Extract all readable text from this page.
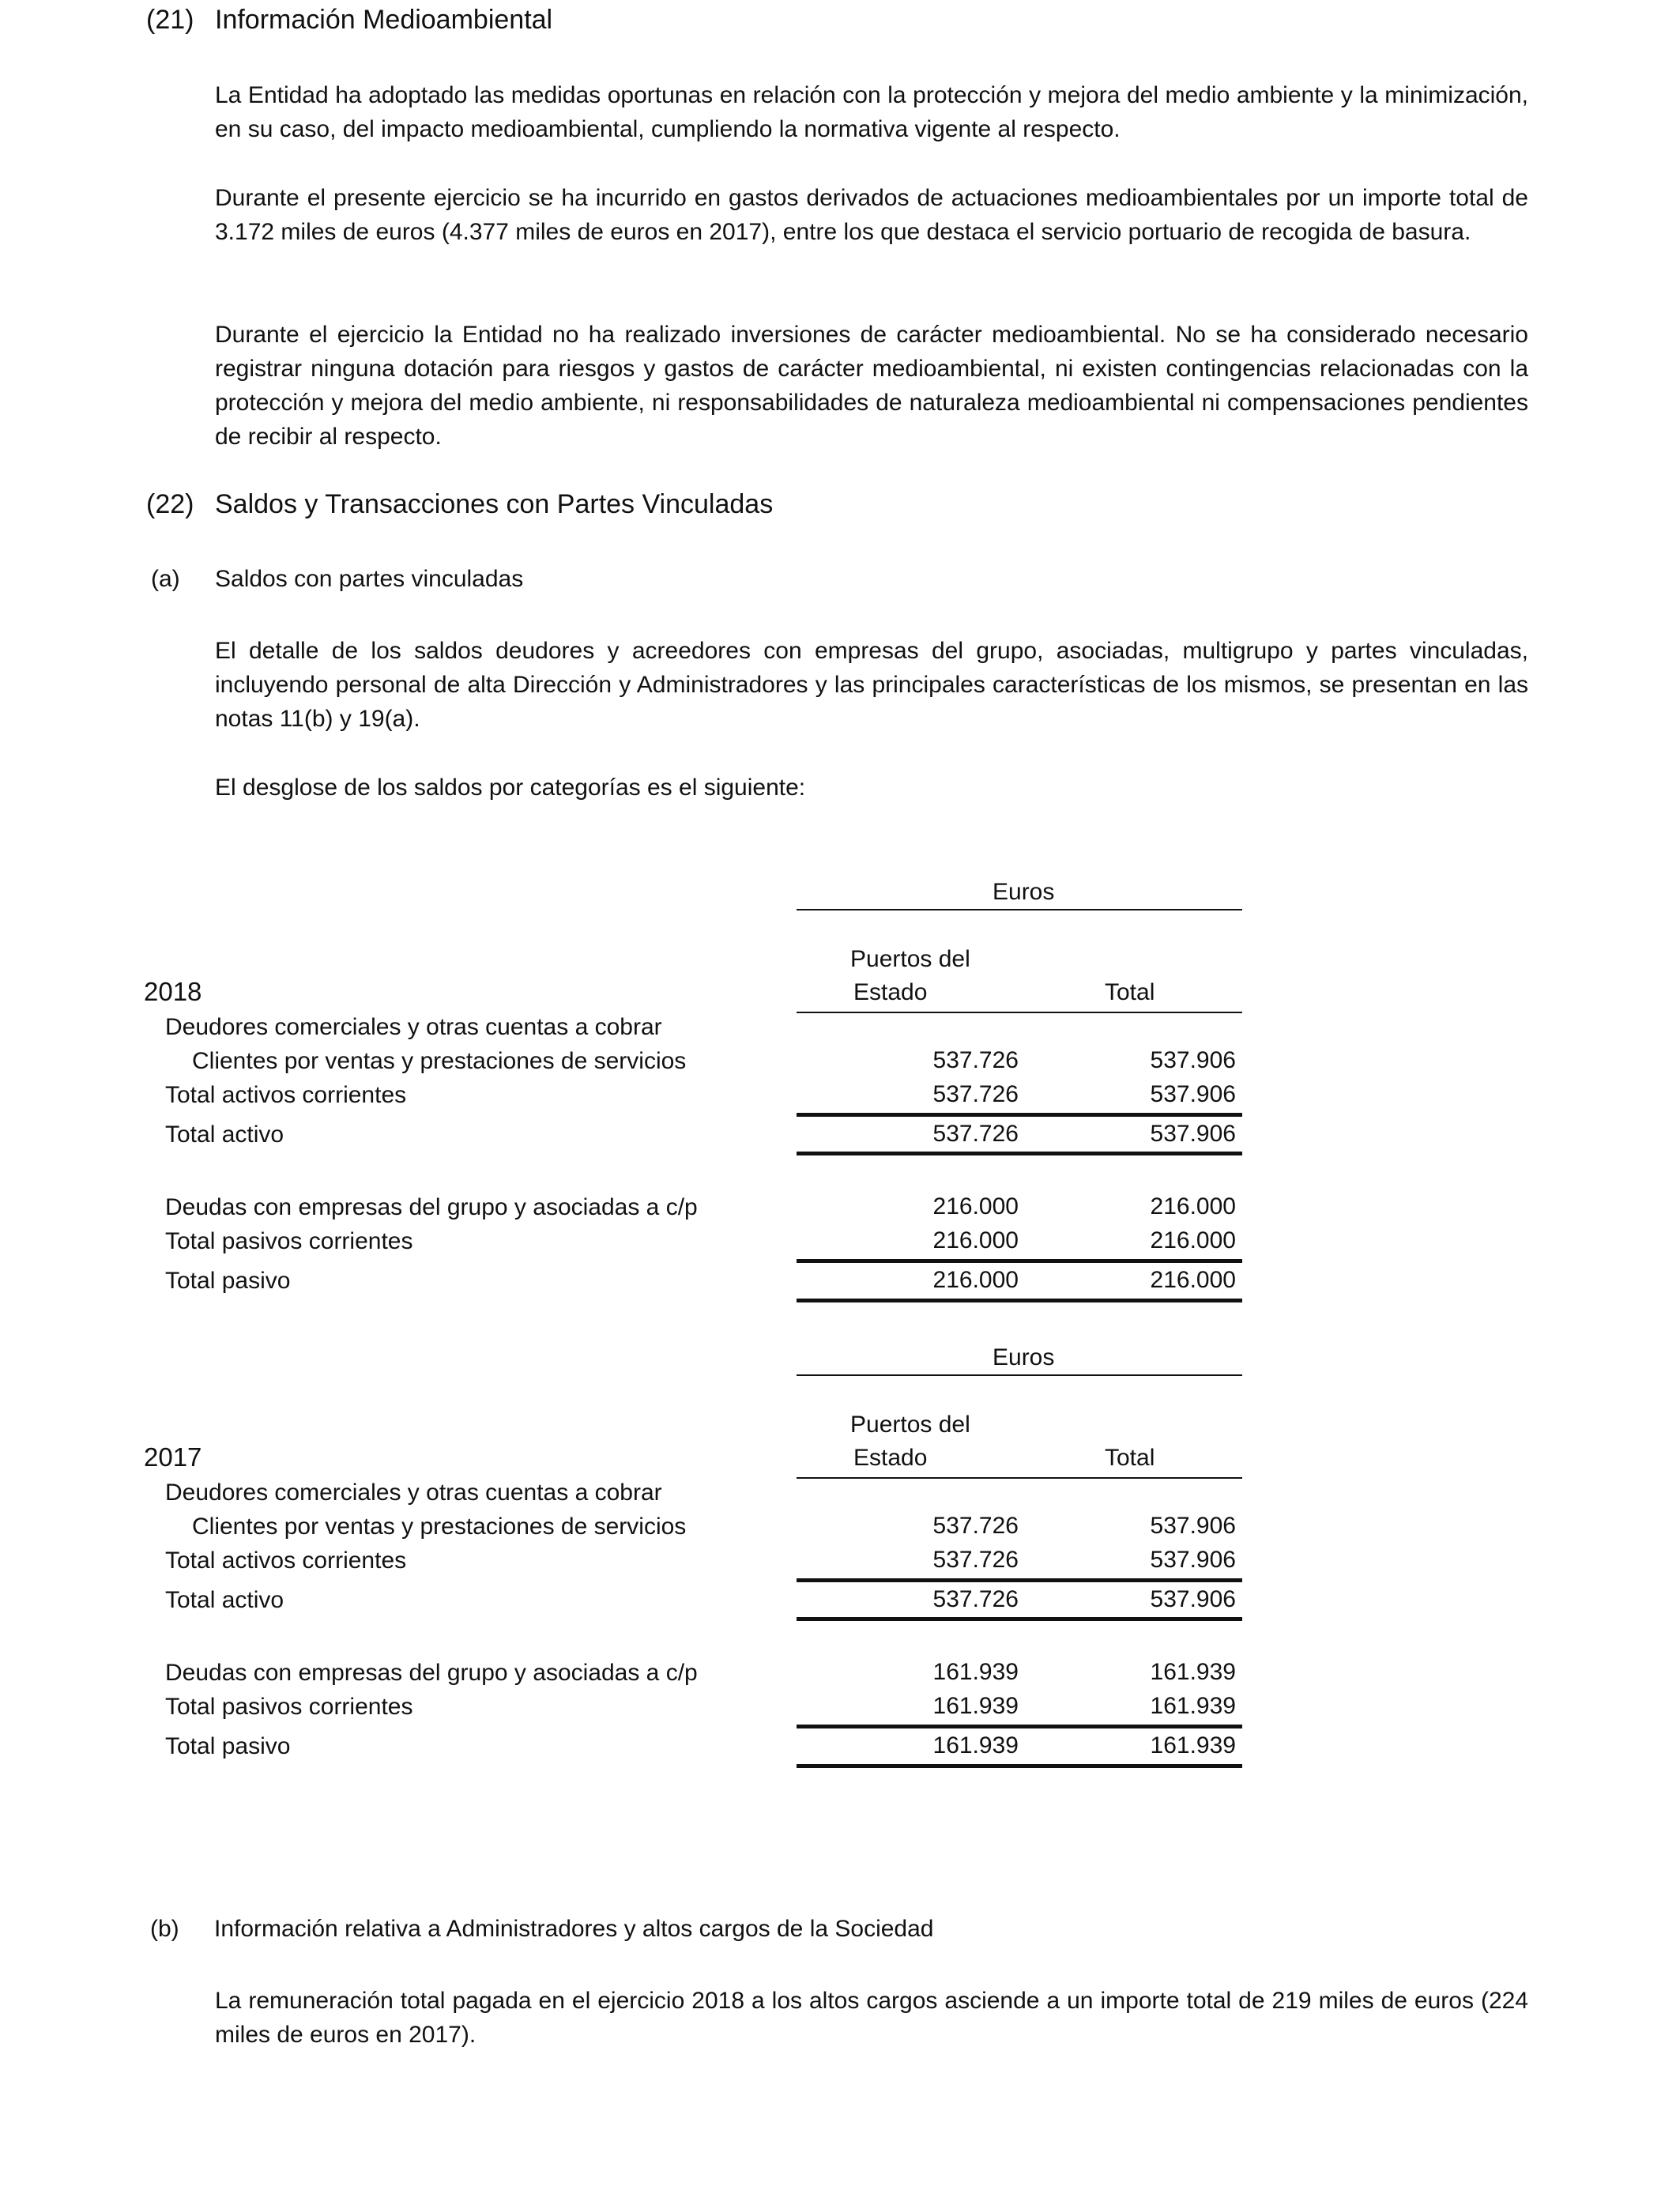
(21) Información Medioambiental

La Entidad ha adoptado las medidas oportunas en relación con la protección y mejora del medio ambiente y la minimización, en su caso, del impacto medioambiental, cumpliendo la normativa vigente al respecto.

Durante el presente ejercicio se ha incurrido en gastos derivados de actuaciones medioambientales por un importe total de 3.172 miles de euros (4.377 miles de euros en 2017), entre los que destaca el servicio portuario de recogida de basura.

Durante el ejercicio la Entidad no ha realizado inversiones de carácter medioambiental. No se ha considerado necesario registrar ninguna dotación para riesgos y gastos de carácter medioambiental, ni existen contingencias relacionadas con la protección y mejora del medio ambiente, ni responsabilidades de naturaleza medioambiental ni compensaciones pendientes de recibir al respecto.

(22) Saldos y Transacciones con Partes Vinculadas
(a) Saldos con partes vinculadas

El detalle de los saldos deudores y acreedores con empresas del grupo, asociadas, multigrupo y partes vinculadas, incluyendo personal de alta Dirección y Administradores y las principales características de los mismos, se presentan en las notas 11(b) y 19(a).

El desglose de los saldos por categorías es el siguiente:

Euros
Puertos del
Estado	Total
2018
Deudores comerciales y otras cuentas a cobrar
Clientes por ventas y prestaciones de servicios	537.726	537.906
Total activos corrientes	537.726	537.906
Total activo	537.726	537.906
Deudas con empresas del grupo y asociadas a c/p	216.000	216.000
Total pasivos corrientes	216.000	216.000
Total pasivo	216.000	216.000
Euros
Puertos del
Estado	Total
2017
Deudores comerciales y otras cuentas a cobrar
Clientes por ventas y prestaciones de servicios	537.726	537.906
Total activos corrientes	537.726	537.906
Total activo	537.726	537.906
Deudas con empresas del grupo y asociadas a c/p	161.939	161.939
Total pasivos corrientes	161.939	161.939
Total pasivo	161.939	161.939
(b) Información relativa a Administradores y altos cargos de la Sociedad

La remuneración total pagada en el ejercicio 2018 a los altos cargos asciende a un importe total de 219 miles de euros (224 miles de euros en 2017).
